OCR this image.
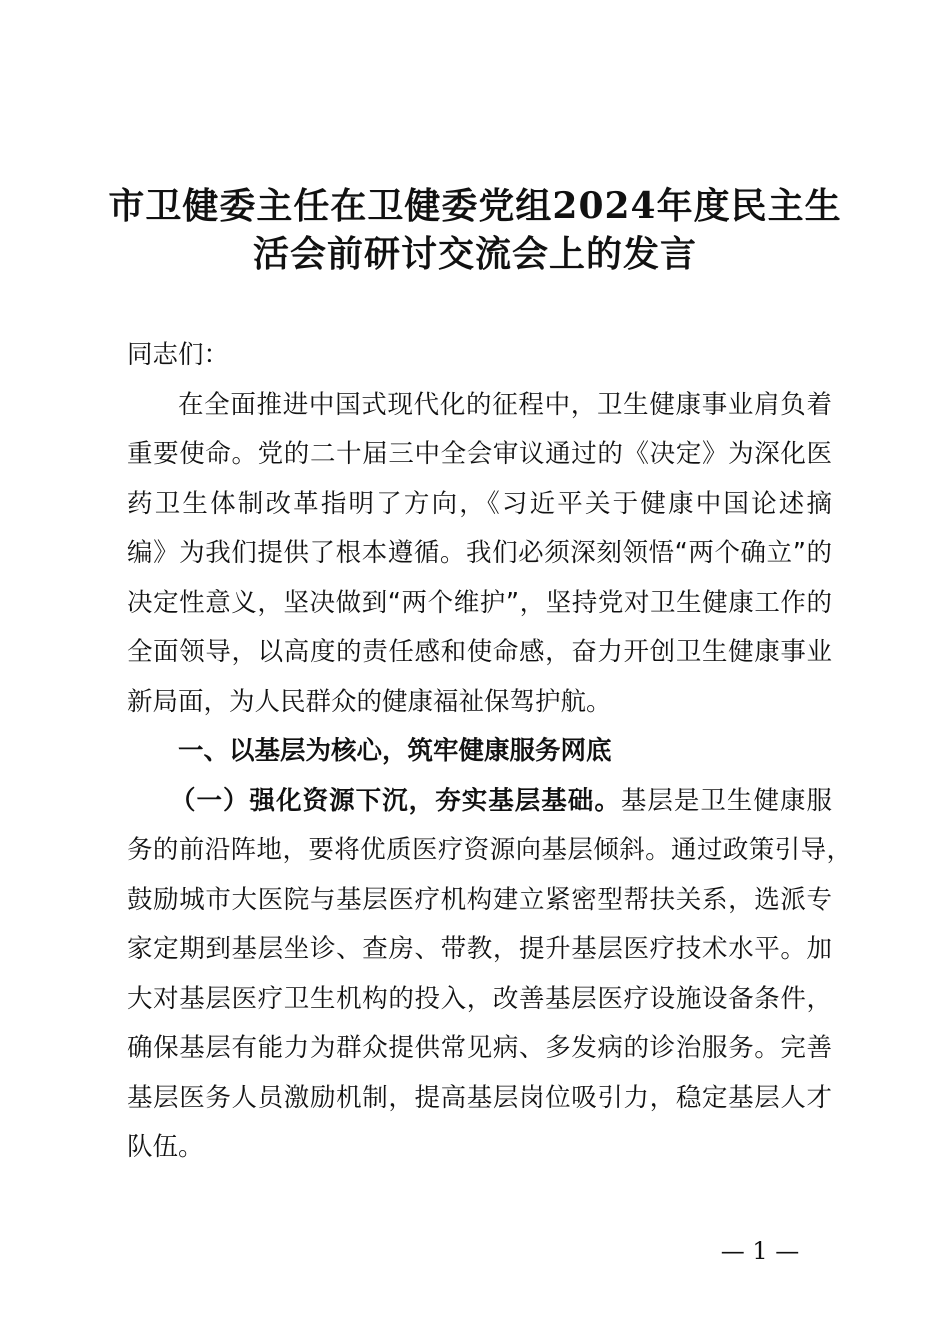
市卫健委主任在卫健委党组2024年度民主生
活会前研讨交流会上的发言
同志们：
在全面推进中国式现代化的征程中，卫生健康事业肩负着
重要使命。党的二十届三中全会审议通过的《决定》为深化医
药卫生体制改革指明了方向，《习近平关于健康中国论述摘
编》为我们提供了根本遵循。我们必须深刻领悟“两个确立”的
决定性意义，坚决做到“两个维护”，坚持党对卫生健康工作的
全面领导，以高度的责任感和使命感，奋力开创卫生健康事业
新局面，为人民群众的健康福祉保驾护航。
一、以基层为核心，筑牢健康服务网底
（一）强化资源下沉，夯实基层基础。基层是卫生健康服
务的前沿阵地，要将优质医疗资源向基层倾斜。通过政策引导，
鼓励城市大医院与基层医疗机构建立紧密型帮扶关系，选派专
家定期到基层坐诊、查房、带教，提升基层医疗技术水平。加
大对基层医疗卫生机构的投入，改善基层医疗设施设备条件，
确保基层有能力为群众提供常见病、多发病的诊治服务。完善
基层医务人员激励机制，提高基层岗位吸引力，稳定基层人才
队伍。
— 1 —
